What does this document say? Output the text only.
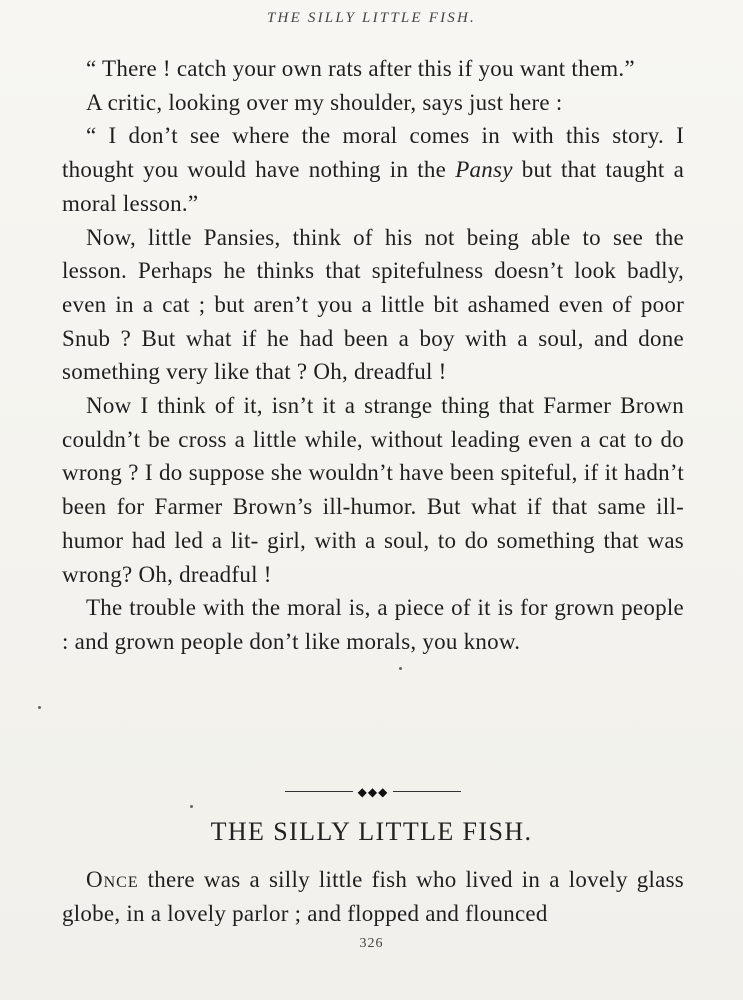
THE SILLY LITTLE FISH.

“ There ! catch your own rats after this if you want them.”

A critic, looking over my shoulder, says just here :

“ I don’t see where the moral comes in with this story. I thought you would have nothing in the Pansy but that taught a moral lesson.”

Now, little Pansies, think of his not being able to see the lesson. Perhaps he thinks that spitefulness doesn’t look badly, even in a cat ; but aren’t you a little bit ashamed even of poor Snub ? But what if he had been a boy with a soul, and done something very like that ? Oh, dreadful !

Now I think of it, isn’t it a strange thing that Farmer Brown couldn’t be cross a little while, without leading even a cat to do wrong ? I do suppose she wouldn’t have been spiteful, if it hadn’t been for Farmer Brown’s ill-humor. But what if that same ill-humor had led a lit- girl, with a soul, to do something that was wrong? Oh, dreadful !

The trouble with the moral is, a piece of it is for grown people : and grown people don’t like morals, you know.

◆◆◆
THE SILLY LITTLE FISH.

Once there was a silly little fish who lived in a lovely glass globe, in a lovely parlor ; and flopped and flounced

326
